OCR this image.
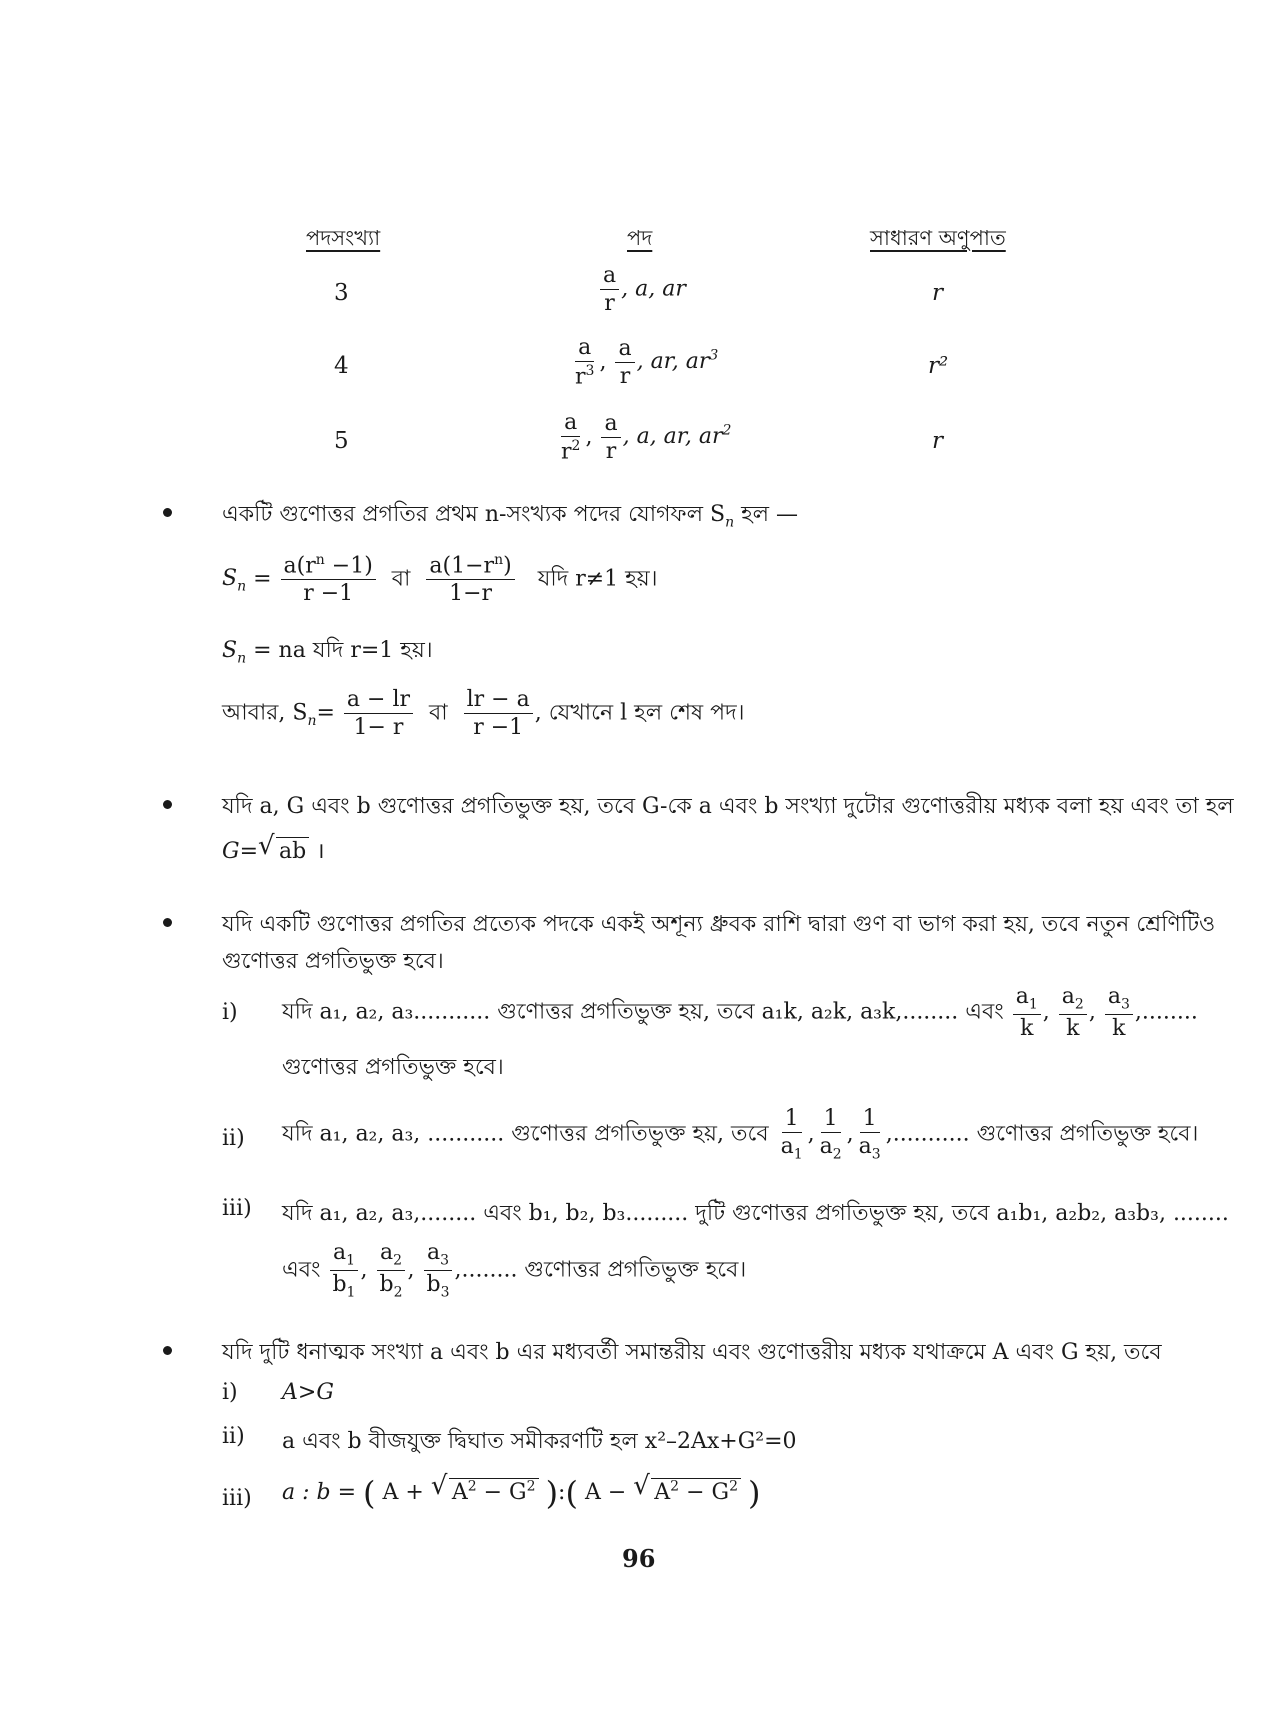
পদসংখ্যা	পদ	সাধারণ অণুপাত
3	$\frac{a}{r}$ , a, ar	r
4	$\frac{a}{r^3}$ , $\frac{a}{r}$ , ar, $ar^3$	r²
5	$\frac{a}{r^2}$ , $\frac{a}{r}$ , a, ar, $ar^2$	r
একটি গুণোত্তর প্রগতির প্রথম n-সংখ্যক পদের যোগফল $S_n$ হল —
$S_n = \frac{a(r^n -1)}{r -1}$ বা $\frac{a(1-r^n)}{1-r}$ যদি r≠1 হয়।
$S_n$ = na যদি r=1 হয়।
আবার, $S_n= \frac{a - lr}{1- r}$ বা $\frac{lr - a}{r -1}$ , যেখানে l হল শেষ পদ।
যদি a, G এবং b গুণোত্তর প্রগতিভুক্ত হয়, তবে G-কে a এবং b সংখ্যা দুটোর গুণোত্তরীয় মধ্যক বলা হয় এবং তা হল
G= √ ab ।
যদি একটি গুণোত্তর প্রগতির প্রত্যেক পদকে একই অশূন্য ধ্রুবক রাশি দ্বারা গুণ বা ভাগ করা হয়, তবে নতুন শ্রেণিটিও
গুণোত্তর প্রগতিভুক্ত হবে।
i) যদি a₁, a₂, a₃........... গুণোত্তর প্রগতিভুক্ত হয়, তবে a₁k, a₂k, a₃k,........ এবং $\frac{a_1}{k}$ , $\frac{a_2}{k}$ , $\frac{a_3}{k}$ ,........
গুণোত্তর প্রগতিভুক্ত হবে।
ii) যদি a₁, a₂, a₃, ........... গুণোত্তর প্রগতিভুক্ত হয়, তবে $\frac{1}{a_1}$ , $\frac{1}{a_2}$ , $\frac{1}{a_3}$ ,........... গুণোত্তর প্রগতিভুক্ত হবে।
iii) যদি a₁, a₂, a₃,........ এবং b₁, b₂, b₃......... দুটি গুণোত্তর প্রগতিভুক্ত হয়, তবে a₁b₁, a₂b₂, a₃b₃, ........
এবং $\frac{a_1}{b_1}$ , $\frac{a_2}{b_2}$ , $\frac{a_3}{b_3}$ ,........ গুণোত্তর প্রগতিভুক্ত হবে।
যদি দুটি ধনাত্মক সংখ্যা a এবং b এর মধ্যবর্তী সমান্তরীয় এবং গুণোত্তরীয় মধ্যক যথাক্রমে A এবং G হয়, তবে
i) A>G
ii) a এবং b বীজযুক্ত দ্বিঘাত সমীকরণটি হল x²–2Ax+G²=0
iii) a : b = ( A + √ $A^2 - G^2$ ):( A − √ $A^2 - G^2$ )
96
